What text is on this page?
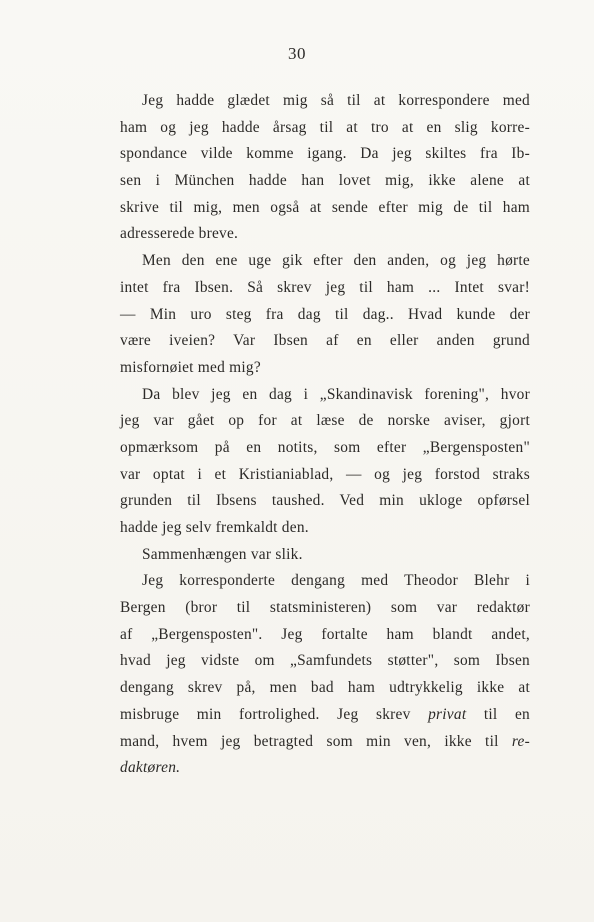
30
Jeg hadde glædet mig så til at korrespondere med
ham og jeg hadde årsag til at tro at en slig korre-
spondance vilde komme igang. Da jeg skiltes fra Ib-
sen i München hadde han lovet mig, ikke alene at
skrive til mig, men også at sende efter mig de til ham
adresserede breve.
Men den ene uge gik efter den anden, og jeg hørte
intet fra Ibsen. Så skrev jeg til ham ... Intet svar!
— Min uro steg fra dag til dag.. Hvad kunde der
være iveien? Var Ibsen af en eller anden grund
misfornøiet med mig?
Da blev jeg en dag i „Skandinavisk forening", hvor
jeg var gået op for at læse de norske aviser, gjort
opmærksom på en notits, som efter „Bergensposten"
var optat i et Kristianiablad, — og jeg forstod straks
grunden til Ibsens taushed. Ved min ukloge opførsel
hadde jeg selv fremkaldt den.
Sammenhængen var slik.
Jeg korresponderte dengang med Theodor Blehr i
Bergen (bror til statsministeren) som var redaktør
af „Bergensposten". Jeg fortalte ham blandt andet,
hvad jeg vidste om „Samfundets støtter", som Ibsen
dengang skrev på, men bad ham udtrykkelig ikke at
misbruge min fortrolighed. Jeg skrev privat til en
mand, hvem jeg betragted som min ven, ikke til re-
daktøren.
